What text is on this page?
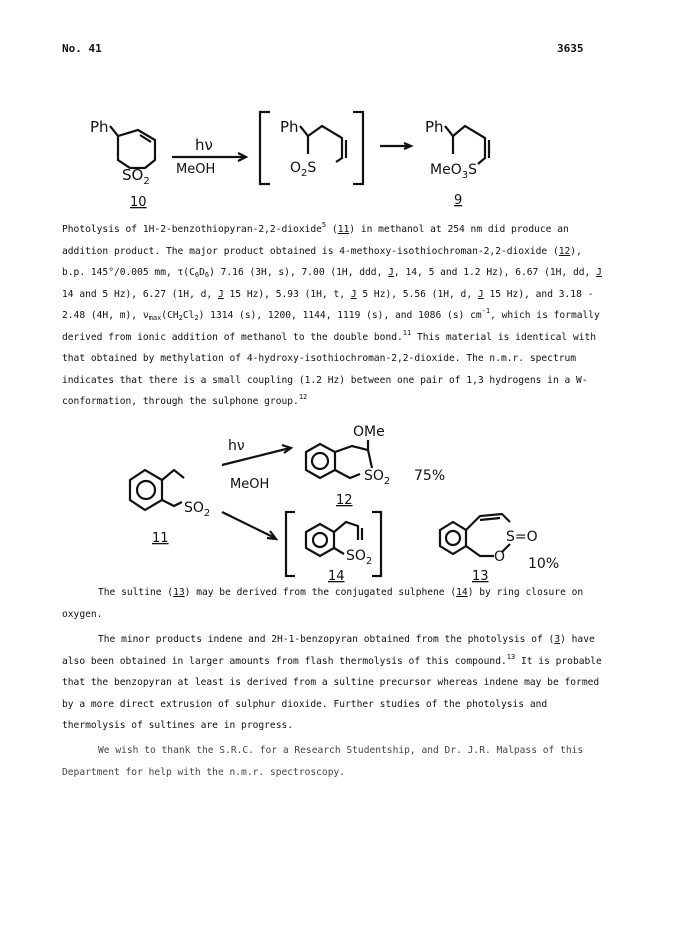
No. 41	3635
Ph
$SO_2$
10
hν
MeOH
Ph
$O_2S$
Ph
MeO$_3$S
9

Photolysis of 1H-2-benzothiopyran-2,2-dioxide$^5$ (11) in methanol at 254 nm did produce an addition product. The major product obtained is 4-methoxy-isothiochroman-2,2-dioxide (12), b.p. 145°/0.005 mm, $\tau(C_6D_6)$ 7.16 (3H, s), 7.00 (1H, ddd, J, 14, 5 and 1.2 Hz), 6.67 (1H, dd, J 14 and 5 Hz), 6.27 (1H, d, J 15 Hz), 5.93 (1H, t, J 5 Hz), 5.56 (1H, d, J 15 Hz), and 3.18 - 2.48 (4H, m), $\nu_{max}(CH_2Cl_2)$ 1314 (s), 1200, 1144, 1119 (s), and 1086 (s) $cm^{-1}$, which is formally derived from ionic addition of methanol to the double bond.$^{11}$ This material is identical with that obtained by methylation of 4-hydroxy-isothiochroman-2,2-dioxide. The n.m.r. spectrum indicates that there is a small coupling (1.2 Hz) between one pair of 1,3 hydrogens in a W-conformation, through the sulphone group.$^{12}$

$SO_2$
11
hν
MeOH
OMe
$SO_2$
12
75%
$SO_2$
14
S=O
O
13
10%

The sultine (13) may be derived from the conjugated sulphene (14) by ring closure on oxygen.

The minor products indene and 2H-1-benzopyran obtained from the photolysis of (3) have also been obtained in larger amounts from flash thermolysis of this compound.$^{13}$ It is probable that the benzopyran at least is derived from a sultine precursor whereas indene may be formed by a more direct extrusion of sulphur dioxide. Further studies of the photolysis and thermolysis of sultines are in progress.

We wish to thank the S.R.C. for a Research Studentship, and Dr. J.R. Malpass of this Department for help with the n.m.r. spectroscopy.
